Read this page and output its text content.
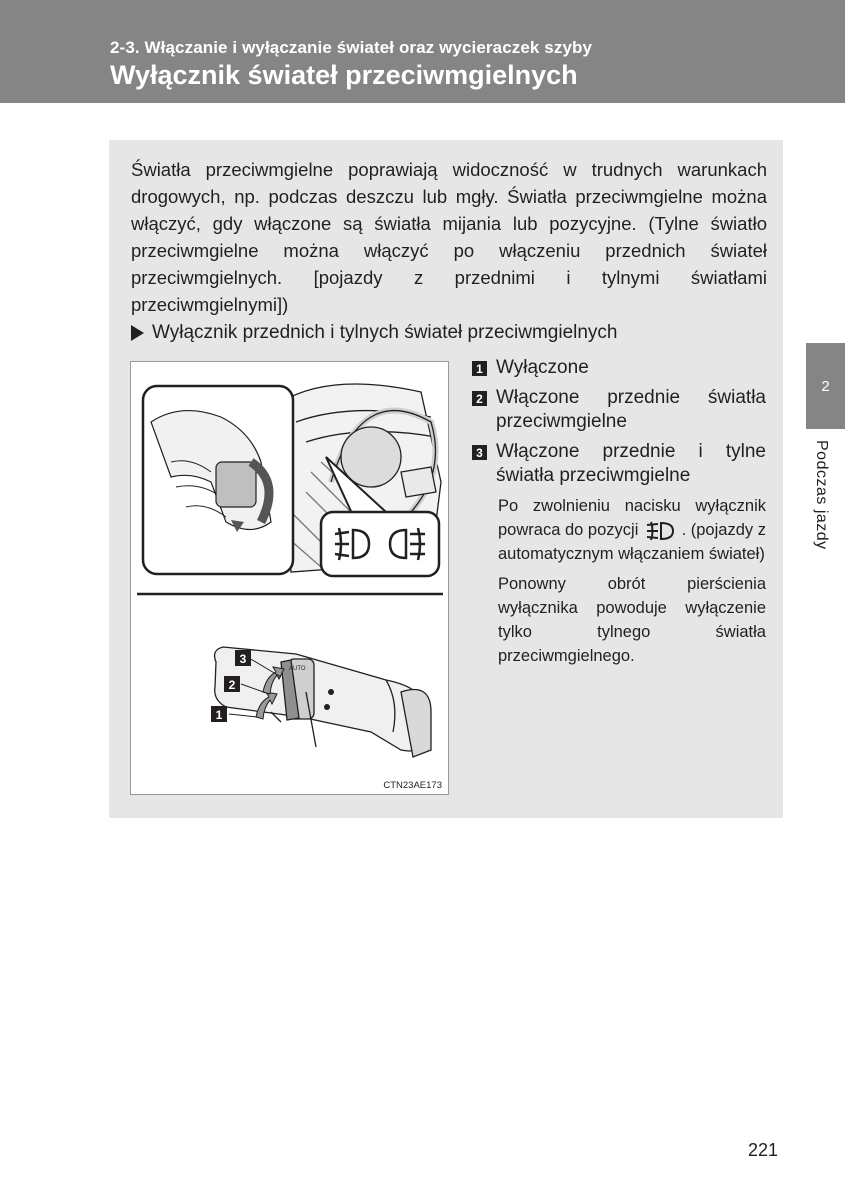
2-3. Włączanie i wyłączanie świateł oraz wycieraczek szyby
Wyłącznik świateł przeciwmgielnych
2
Podczas jazdy
Światła przeciwmgielne poprawiają widoczność w trudnych warunkach drogowych, np. podczas deszczu lub mgły. Światła przeciwmgielne można włączyć, gdy włączone są światła mijania lub pozycyjne. (Tylne światło przeciwmgielne można włączyć po włączeniu przednich świateł przeciwmgielnych. [pojazdy z przednimi i tylnymi światłami przeciwmgielnymi])
Wyłącznik przednich i tylnych świateł przeciwmgielnych
AUTO
3
2
1
CTN23AE173
1 Wyłączone
2 Włączone przednie światła przeciwmgielne
3 Włączone przednie i tylne światła przeciwmgielne
Po zwolnieniu nacisku wyłącznik powraca do pozycji	. (pojazdy z automatycznym włączaniem świateł)
Ponowny obrót pierścienia wyłącznika powoduje wyłączenie tylko tylnego światła przeciwmgielnego.
221
